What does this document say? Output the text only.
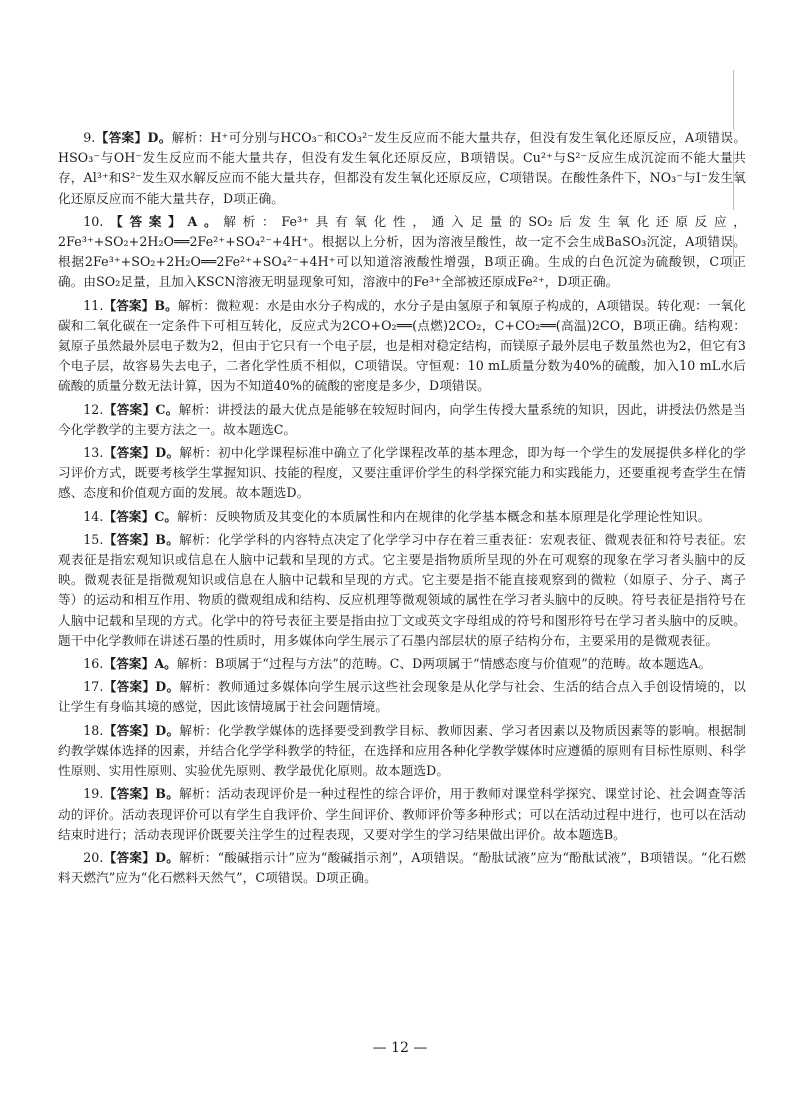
9.【答案】D。解析：H⁺可分别与HCO₃⁻和CO₃²⁻发生反应而不能大量共存，但没有发生氧化还原反应，A项错误。HSO₃⁻与OH⁻发生反应而不能大量共存，但没有发生氧化还原反应，B项错误。Cu²⁺与S²⁻反应生成沉淀而不能大量共存，Al³⁺和S²⁻发生双水解反应而不能大量共存，但都没有发生氧化还原反应，C项错误。在酸性条件下，NO₃⁻与I⁻发生氧化还原反应而不能大量共存，D项正确。

10.【答案】A。解析：Fe³⁺具有氧化性，通入足量的SO₂后发生氧化还原反应，2Fe³⁺+SO₂+2H₂O══2Fe²⁺+SO₄²⁻+4H⁺。根据以上分析，因为溶液呈酸性，故一定不会生成BaSO₃沉淀，A项错误。根据2Fe³⁺+SO₂+2H₂O══2Fe²⁺+SO₄²⁻+4H⁺可以知道溶液酸性增强，B项正确。生成的白色沉淀为硫酸钡，C项正确。由SO₂足量，且加入KSCN溶液无明显现象可知，溶液中的Fe³⁺全部被还原成Fe²⁺，D项正确。

11.【答案】B。解析：微粒观：水是由水分子构成的，水分子是由氢原子和氧原子构成的，A项错误。转化观：一氧化碳和二氧化碳在一定条件下可相互转化，反应式为2CO+O₂══(点燃)2CO₂，C+CO₂══(高温)2CO，B项正确。结构观：氦原子虽然最外层电子数为2，但由于它只有一个电子层，也是相对稳定结构，而镁原子最外层电子数虽然也为2，但它有3个电子层，故容易失去电子，二者化学性质不相似，C项错误。守恒观：10 mL质量分数为40%的硫酸，加入10 mL水后硫酸的质量分数无法计算，因为不知道40%的硫酸的密度是多少，D项错误。

12.【答案】C。解析：讲授法的最大优点是能够在较短时间内，向学生传授大量系统的知识，因此，讲授法仍然是当今化学教学的主要方法之一。故本题选C。

13.【答案】D。解析：初中化学课程标准中确立了化学课程改革的基本理念，即为每一个学生的发展提供多样化的学习评价方式，既要考核学生掌握知识、技能的程度，又要注重评价学生的科学探究能力和实践能力，还要重视考查学生在情感、态度和价值观方面的发展。故本题选D。

14.【答案】C。解析：反映物质及其变化的本质属性和内在规律的化学基本概念和基本原理是化学理论性知识。

15.【答案】B。解析：化学学科的内容特点决定了化学学习中存在着三重表征：宏观表征、微观表征和符号表征。宏观表征是指宏观知识或信息在人脑中记载和呈现的方式。它主要是指物质所呈现的外在可观察的现象在学习者头脑中的反映。微观表征是指微观知识或信息在人脑中记载和呈现的方式。它主要是指不能直接观察到的微粒（如原子、分子、离子等）的运动和相互作用、物质的微观组成和结构、反应机理等微观领域的属性在学习者头脑中的反映。符号表征是指符号在人脑中记载和呈现的方式。化学中的符号表征主要是指由拉丁文或英文字母组成的符号和图形符号在学习者头脑中的反映。题干中化学教师在讲述石墨的性质时，用多媒体向学生展示了石墨内部层状的原子结构分布，主要采用的是微观表征。

16.【答案】A。解析：B项属于“过程与方法”的范畴。C、D两项属于“情感态度与价值观”的范畴。故本题选A。

17.【答案】D。解析：教师通过多媒体向学生展示这些社会现象是从化学与社会、生活的结合点入手创设情境的，以让学生有身临其境的感觉，因此该情境属于社会问题情境。

18.【答案】D。解析：化学教学媒体的选择要受到教学目标、教师因素、学习者因素以及物质因素等的影响。根据制约教学媒体选择的因素，并结合化学学科教学的特征，在选择和应用各种化学教学媒体时应遵循的原则有目标性原则、科学性原则、实用性原则、实验优先原则、教学最优化原则。故本题选D。

19.【答案】B。解析：活动表现评价是一种过程性的综合评价，用于教师对课堂科学探究、课堂讨论、社会调查等活动的评价。活动表现评价可以有学生自我评价、学生间评价、教师评价等多种形式；可以在活动过程中进行，也可以在活动结束时进行；活动表现评价既要关注学生的过程表现，又要对学生的学习结果做出评价。故本题选B。

20.【答案】D。解析：“酸碱指示计”应为“酸碱指示剂”，A项错误。“酚肽试液”应为“酚酞试液”，B项错误。“化石燃料天燃汽”应为“化石燃料天然气”，C项错误。D项正确。

— 12 —
